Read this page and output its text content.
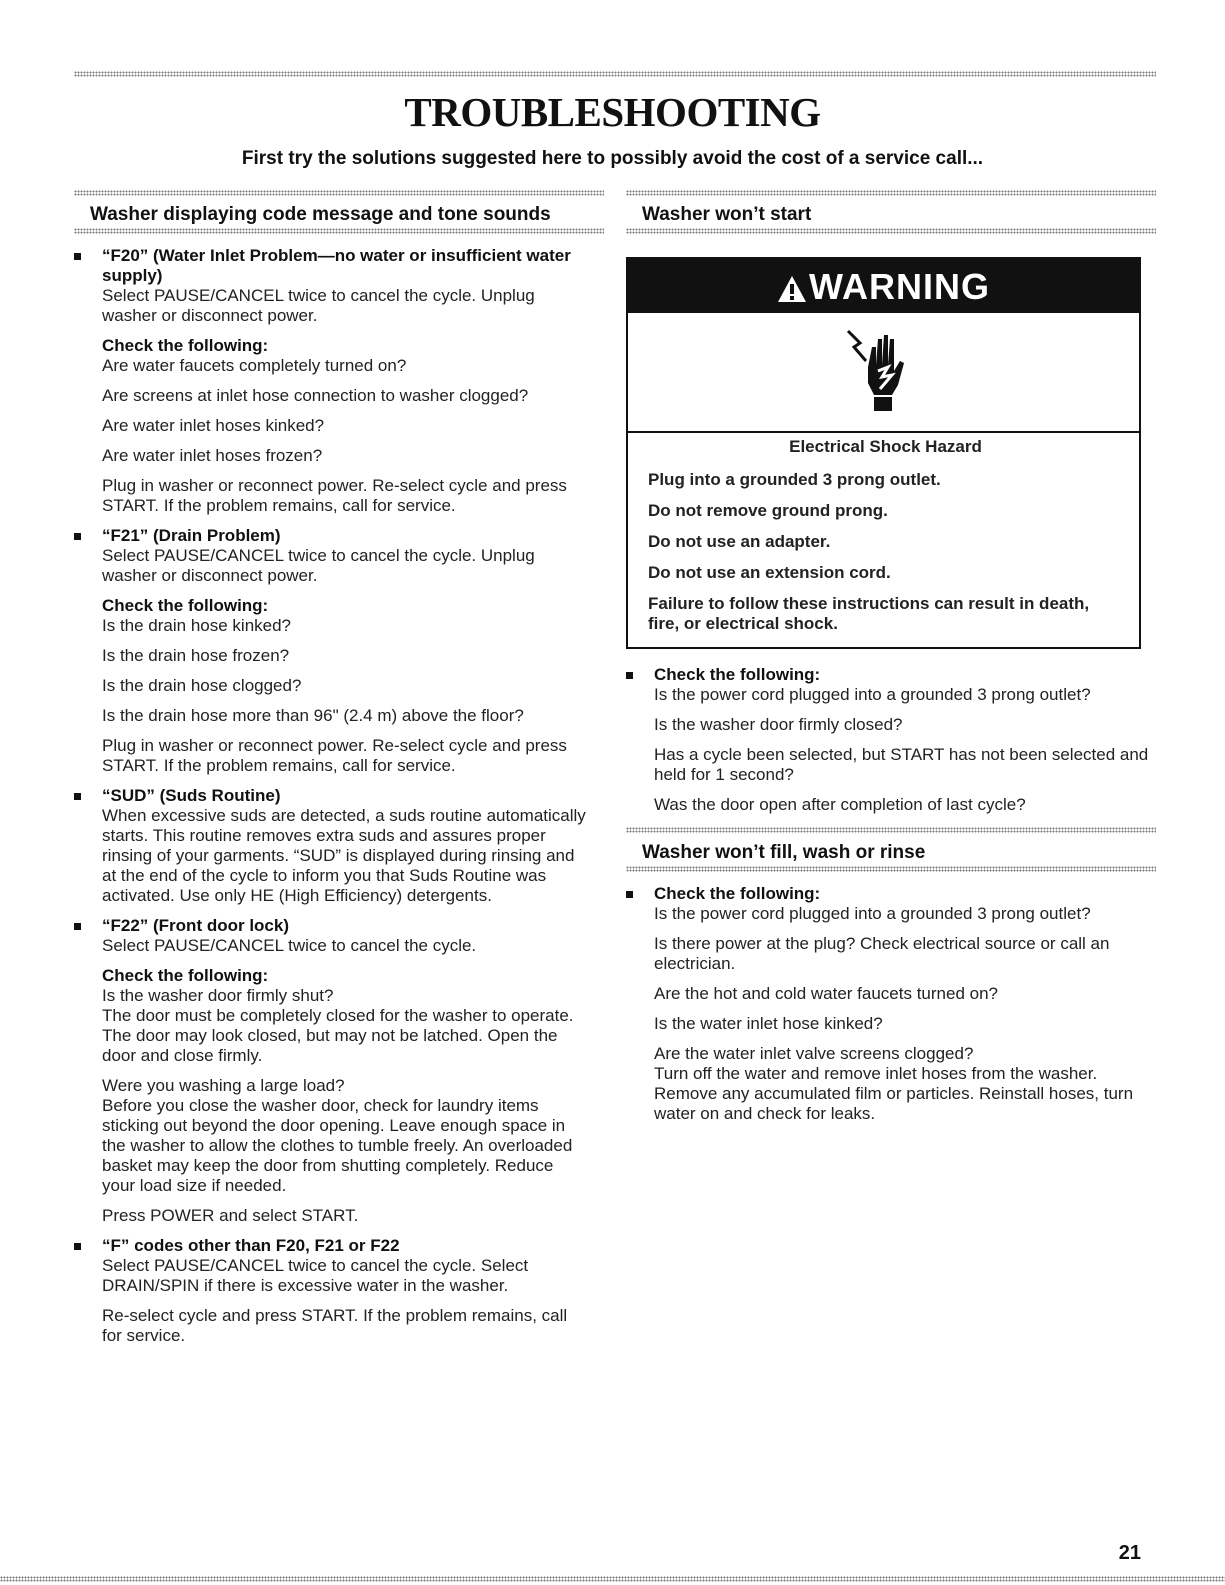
TROUBLESHOOTING
First try the solutions suggested here to possibly avoid the cost of a service call...
Washer displaying code message and tone sounds
“F20” (Water Inlet Problem—no water or insufficient water supply)
Select PAUSE/CANCEL twice to cancel the cycle. Unplug washer or disconnect power.
Check the following:
Are water faucets completely turned on?
Are screens at inlet hose connection to washer clogged?
Are water inlet hoses kinked?
Are water inlet hoses frozen?
Plug in washer or reconnect power. Re-select cycle and press START. If the problem remains, call for service.
“F21” (Drain Problem)
Select PAUSE/CANCEL twice to cancel the cycle. Unplug washer or disconnect power.
Check the following:
Is the drain hose kinked?
Is the drain hose frozen?
Is the drain hose clogged?
Is the drain hose more than 96" (2.4 m) above the floor?
Plug in washer or reconnect power. Re-select cycle and press START. If the problem remains, call for service.
“SUD” (Suds Routine)
When excessive suds are detected, a suds routine automatically starts. This routine removes extra suds and assures proper rinsing of your garments. “SUD” is displayed during rinsing and at the end of the cycle to inform you that Suds Routine was activated. Use only HE (High Efficiency) detergents.
“F22” (Front door lock)
Select PAUSE/CANCEL twice to cancel the cycle.
Check the following:
Is the washer door firmly shut?
The door must be completely closed for the washer to operate. The door may look closed, but may not be latched. Open the door and close firmly.
Were you washing a large load?
Before you close the washer door, check for laundry items sticking out beyond the door opening. Leave enough space in the washer to allow the clothes to tumble freely. An overloaded basket may keep the door from shutting completely. Reduce your load size if needed.
Press POWER and select START.
“F” codes other than F20, F21 or F22
Select PAUSE/CANCEL twice to cancel the cycle. Select DRAIN/SPIN if there is excessive water in the washer.
Re-select cycle and press START. If the problem remains, call for service.
Washer won’t start
WARNING
Electrical Shock Hazard
Plug into a grounded 3 prong outlet.
Do not remove ground prong.
Do not use an adapter.
Do not use an extension cord.
Failure to follow these instructions can result in death, fire, or electrical shock.
Check the following:
Is the power cord plugged into a grounded 3 prong outlet?
Is the washer door firmly closed?
Has a cycle been selected, but START has not been selected and held for 1 second?
Was the door open after completion of last cycle?
Washer won’t fill, wash or rinse
Check the following:
Is the power cord plugged into a grounded 3 prong outlet?
Is there power at the plug? Check electrical source or call an electrician.
Are the hot and cold water faucets turned on?
Is the water inlet hose kinked?
Are the water inlet valve screens clogged?
Turn off the water and remove inlet hoses from the washer. Remove any accumulated film or particles. Reinstall hoses, turn water on and check for leaks.
21
